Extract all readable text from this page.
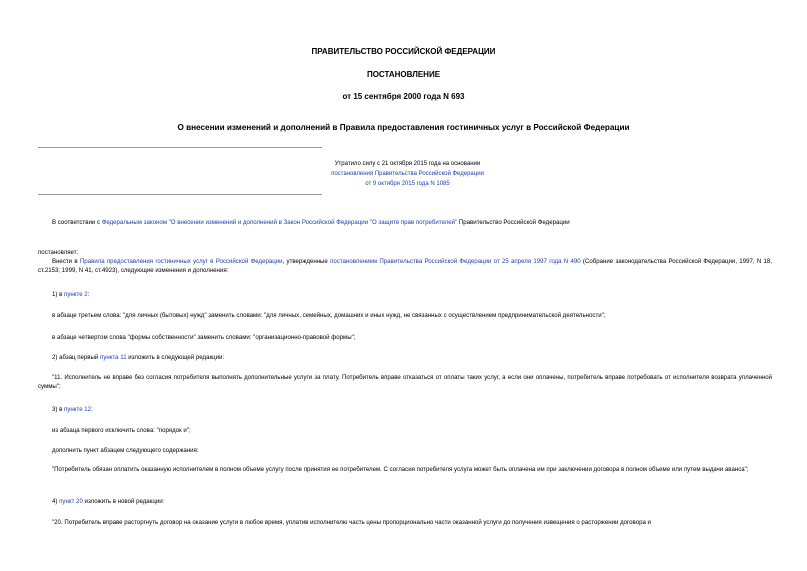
ПРАВИТЕЛЬСТВО РОССИЙСКОЙ ФЕДЕРАЦИИ
ПОСТАНОВЛЕНИЕ
от 15 сентября 2000 года N 693
О внесении изменений и дополнений в Правила предоставления гостиничных услуг в Российской Федерации
Утратило силу с 21 октября 2015 года на основании
постановления Правительства Российской Федерации
от 9 октября 2015 года N 1085

В соответствии с Федеральным законом "О внесении изменений и дополнений в Закон Российской Федерации "О защите прав потребителей" Правительство Российской Федерации

постановляет:

Внести в Правила предоставления гостиничных услуг в Российской Федерации, утвержденные постановлением Правительства Российской Федерации от 25 апреля 1997 года N 490 (Собрание законодательства Российской Федерации, 1997, N 18, ст.2153; 1999, N 41, ст.4923), следующие изменения и дополнения:

1) в пункте 2:

в абзаце третьем слова: "для личных (бытовых) нужд" заменить словами: "для личных, семейных, домашних и иных нужд, не связанных с осуществлением предпринимательской деятельности";

в абзаце четвертом слова "формы собственности" заменить словами: "организационно-правовой формы";

2) абзац первый пункта 11 изложить в следующей редакции:

"11. Исполнитель не вправе без согласия потребителя выполнять дополнительные услуги за плату. Потребитель вправе отказаться от оплаты таких услуг, а если они оплачены, потребитель вправе потребовать от исполнителя возврата уплаченной суммы";

3) в пункте 12:

из абзаца первого исключить слова: "порядок и";

дополнить пункт абзацем следующего содержания:

"Потребитель обязан оплатить оказанную исполнителем в полном объеме услугу после принятия ее потребителем. С согласия потребителя услуга может быть оплачена им при заключении договора в полном объеме или путем выдачи аванса";

4) пункт 20 изложить в новой редакции:

"20. Потребитель вправе расторгнуть договор на оказание услуги в любое время, уплатив исполнителю часть цены пропорционально части оказанной услуги до получения извещения о расторжении договора и
